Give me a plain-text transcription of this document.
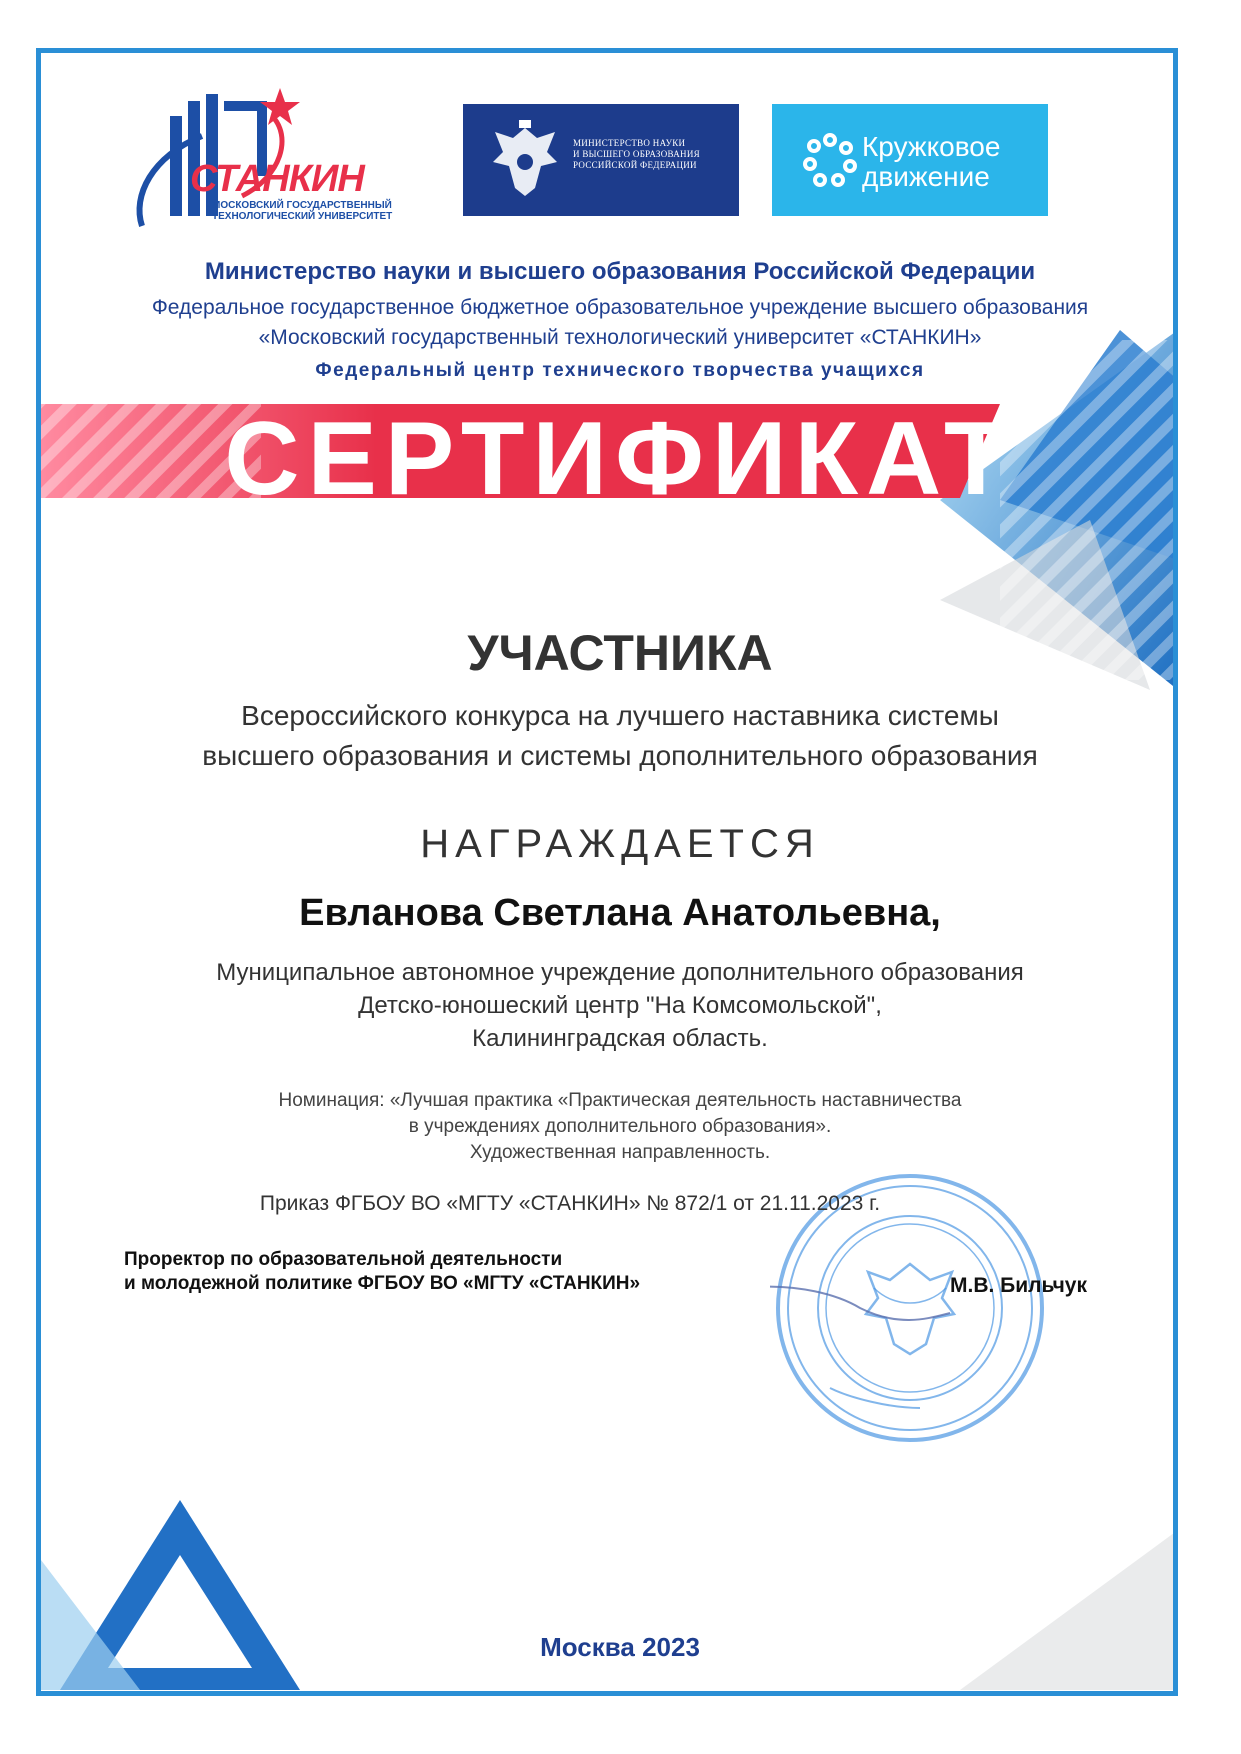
СТАНКИН
МОСКОВСКИЙ ГОСУДАРСТВЕННЫЙ
ТЕХНОЛОГИЧЕСКИЙ УНИВЕРСИТЕТ
МИНИСТЕРСТВО НАУКИ
И ВЫСШЕГО ОБРАЗОВАНИЯ
РОССИЙСКОЙ ФЕДЕРАЦИИ
Кружковое
движение
Министерство науки и высшего образования Российской Федерации
Федеральное государственное бюджетное образовательное учреждение высшего образования
«Московский государственный технологический университет «СТАНКИН»
Федеральный центр технического творчества учащихся
СЕРТИФИКАТ
УЧАСТНИКА
Всероссийского конкурса на лучшего наставника системы
высшего образования и системы дополнительного образования
НАГРАЖДАЕТСЯ
Евланова Светлана Анатольевна,
Муниципальное автономное учреждение дополнительного образования
Детско-юношеский центр "На Комсомольской",
Калининградская область.
Номинация: «Лучшая практика «Практическая деятельность наставничества
в учреждениях дополнительного образования».
Художественная направленность.
Приказ ФГБОУ ВО «МГТУ «СТАНКИН» № 872/1 от 21.11.2023 г.
Проректор по образовательной деятельности
и молодежной политике ФГБОУ ВО «МГТУ «СТАНКИН»	М.В. Бильчук
Москва 2023
